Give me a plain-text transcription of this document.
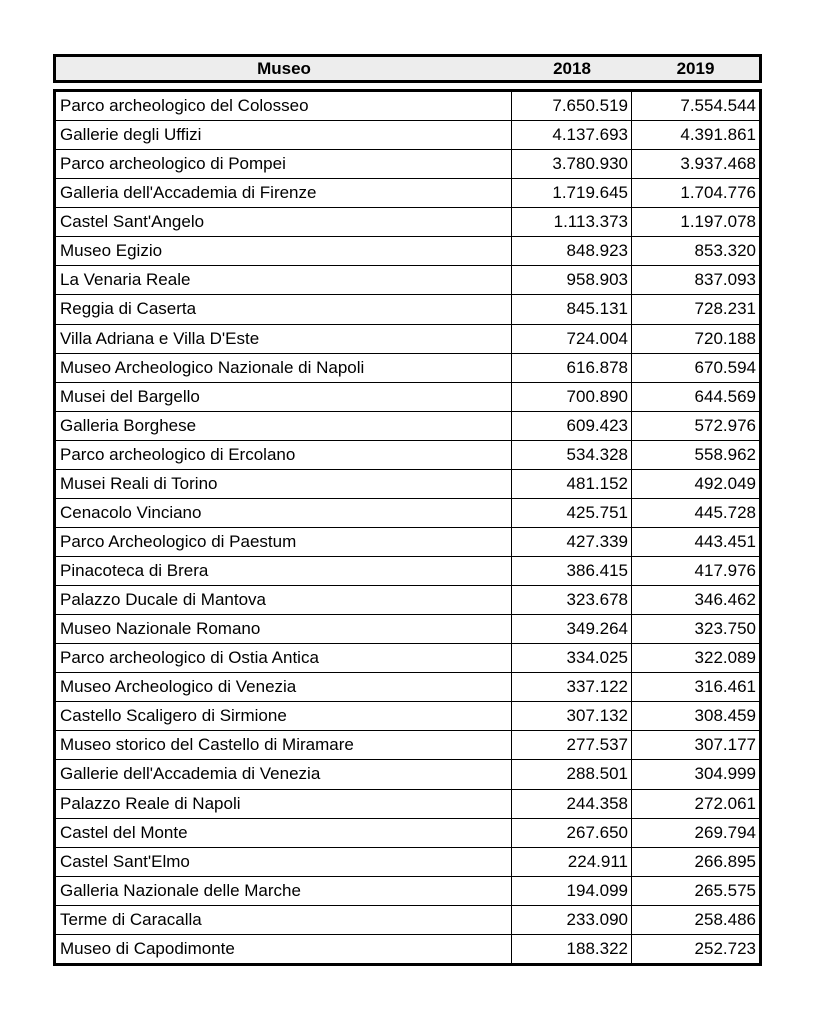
Museo	2018	2019
Parco archeologico del Colosseo	7.650.519	7.554.544
Gallerie degli Uffizi	4.137.693	4.391.861
Parco archeologico di Pompei	3.780.930	3.937.468
Galleria dell'Accademia di Firenze	1.719.645	1.704.776
Castel Sant'Angelo	1.113.373	1.197.078
Museo Egizio	848.923	853.320
La Venaria Reale	958.903	837.093
Reggia di Caserta	845.131	728.231
Villa Adriana e Villa D'Este	724.004	720.188
Museo Archeologico Nazionale di Napoli	616.878	670.594
Musei del Bargello	700.890	644.569
Galleria Borghese	609.423	572.976
Parco archeologico di Ercolano	534.328	558.962
Musei Reali di Torino	481.152	492.049
Cenacolo Vinciano	425.751	445.728
Parco Archeologico di Paestum	427.339	443.451
Pinacoteca di Brera	386.415	417.976
Palazzo Ducale di Mantova	323.678	346.462
Museo Nazionale Romano	349.264	323.750
Parco archeologico di Ostia Antica	334.025	322.089
Museo Archeologico di Venezia	337.122	316.461
Castello Scaligero di Sirmione	307.132	308.459
Museo storico del Castello di Miramare	277.537	307.177
Gallerie dell'Accademia di Venezia	288.501	304.999
Palazzo Reale di Napoli	244.358	272.061
Castel del Monte	267.650	269.794
Castel Sant'Elmo	224.911	266.895
Galleria Nazionale delle Marche	194.099	265.575
Terme di Caracalla	233.090	258.486
Museo di Capodimonte	188.322	252.723
